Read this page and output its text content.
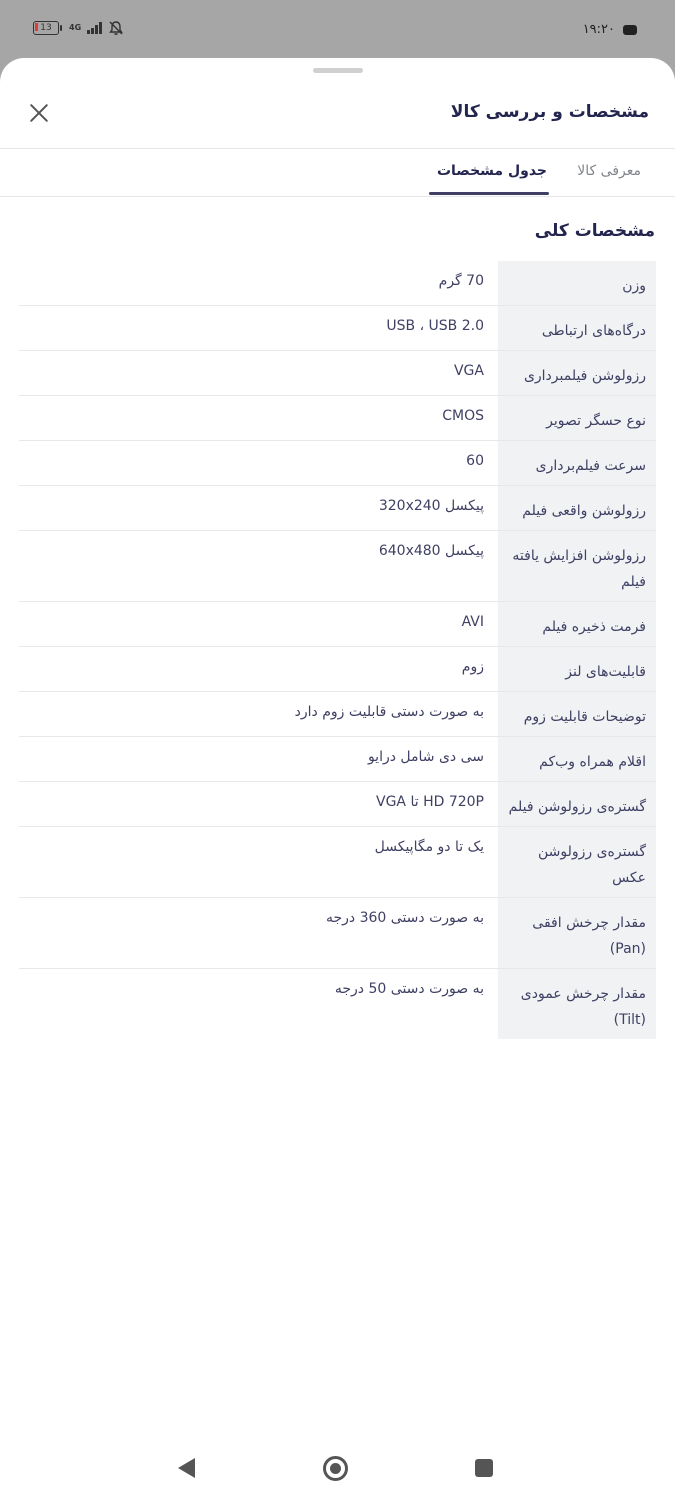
13 4G	۱۹:۲۰
مشخصات و بررسی کالا
معرفی کالا
جدول مشخصات
مشخصات کلی
وزن
70 گرم
درگاه‌های ارتباطی
USB ، USB 2.0
رزولوشن فیلمبرداری
VGA
نوع حسگر تصویر
CMOS
سرعت فیلم‌برداری
60
رزولوشن واقعی فیلم
پیکسل 320x240
رزولوشن افزایش یافته فیلم
پیکسل 640x480
فرمت ذخیره فیلم
AVI
قابلیت‌های لنز
زوم
توضیحات قابلیت زوم
به صورت دستی قابلیت زوم دارد
اقلام همراه وب‌کم
سی دی شامل درایو
گستره‌ی رزولوشن فیلم
HD 720P تا VGA
گستره‌ی رزولوشن عکس
یک تا دو مگاپیکسل
مقدار چرخش افقی (Pan)
به صورت دستی 360 درجه
مقدار چرخش عمودی (Tilt)
به صورت دستی 50 درجه
